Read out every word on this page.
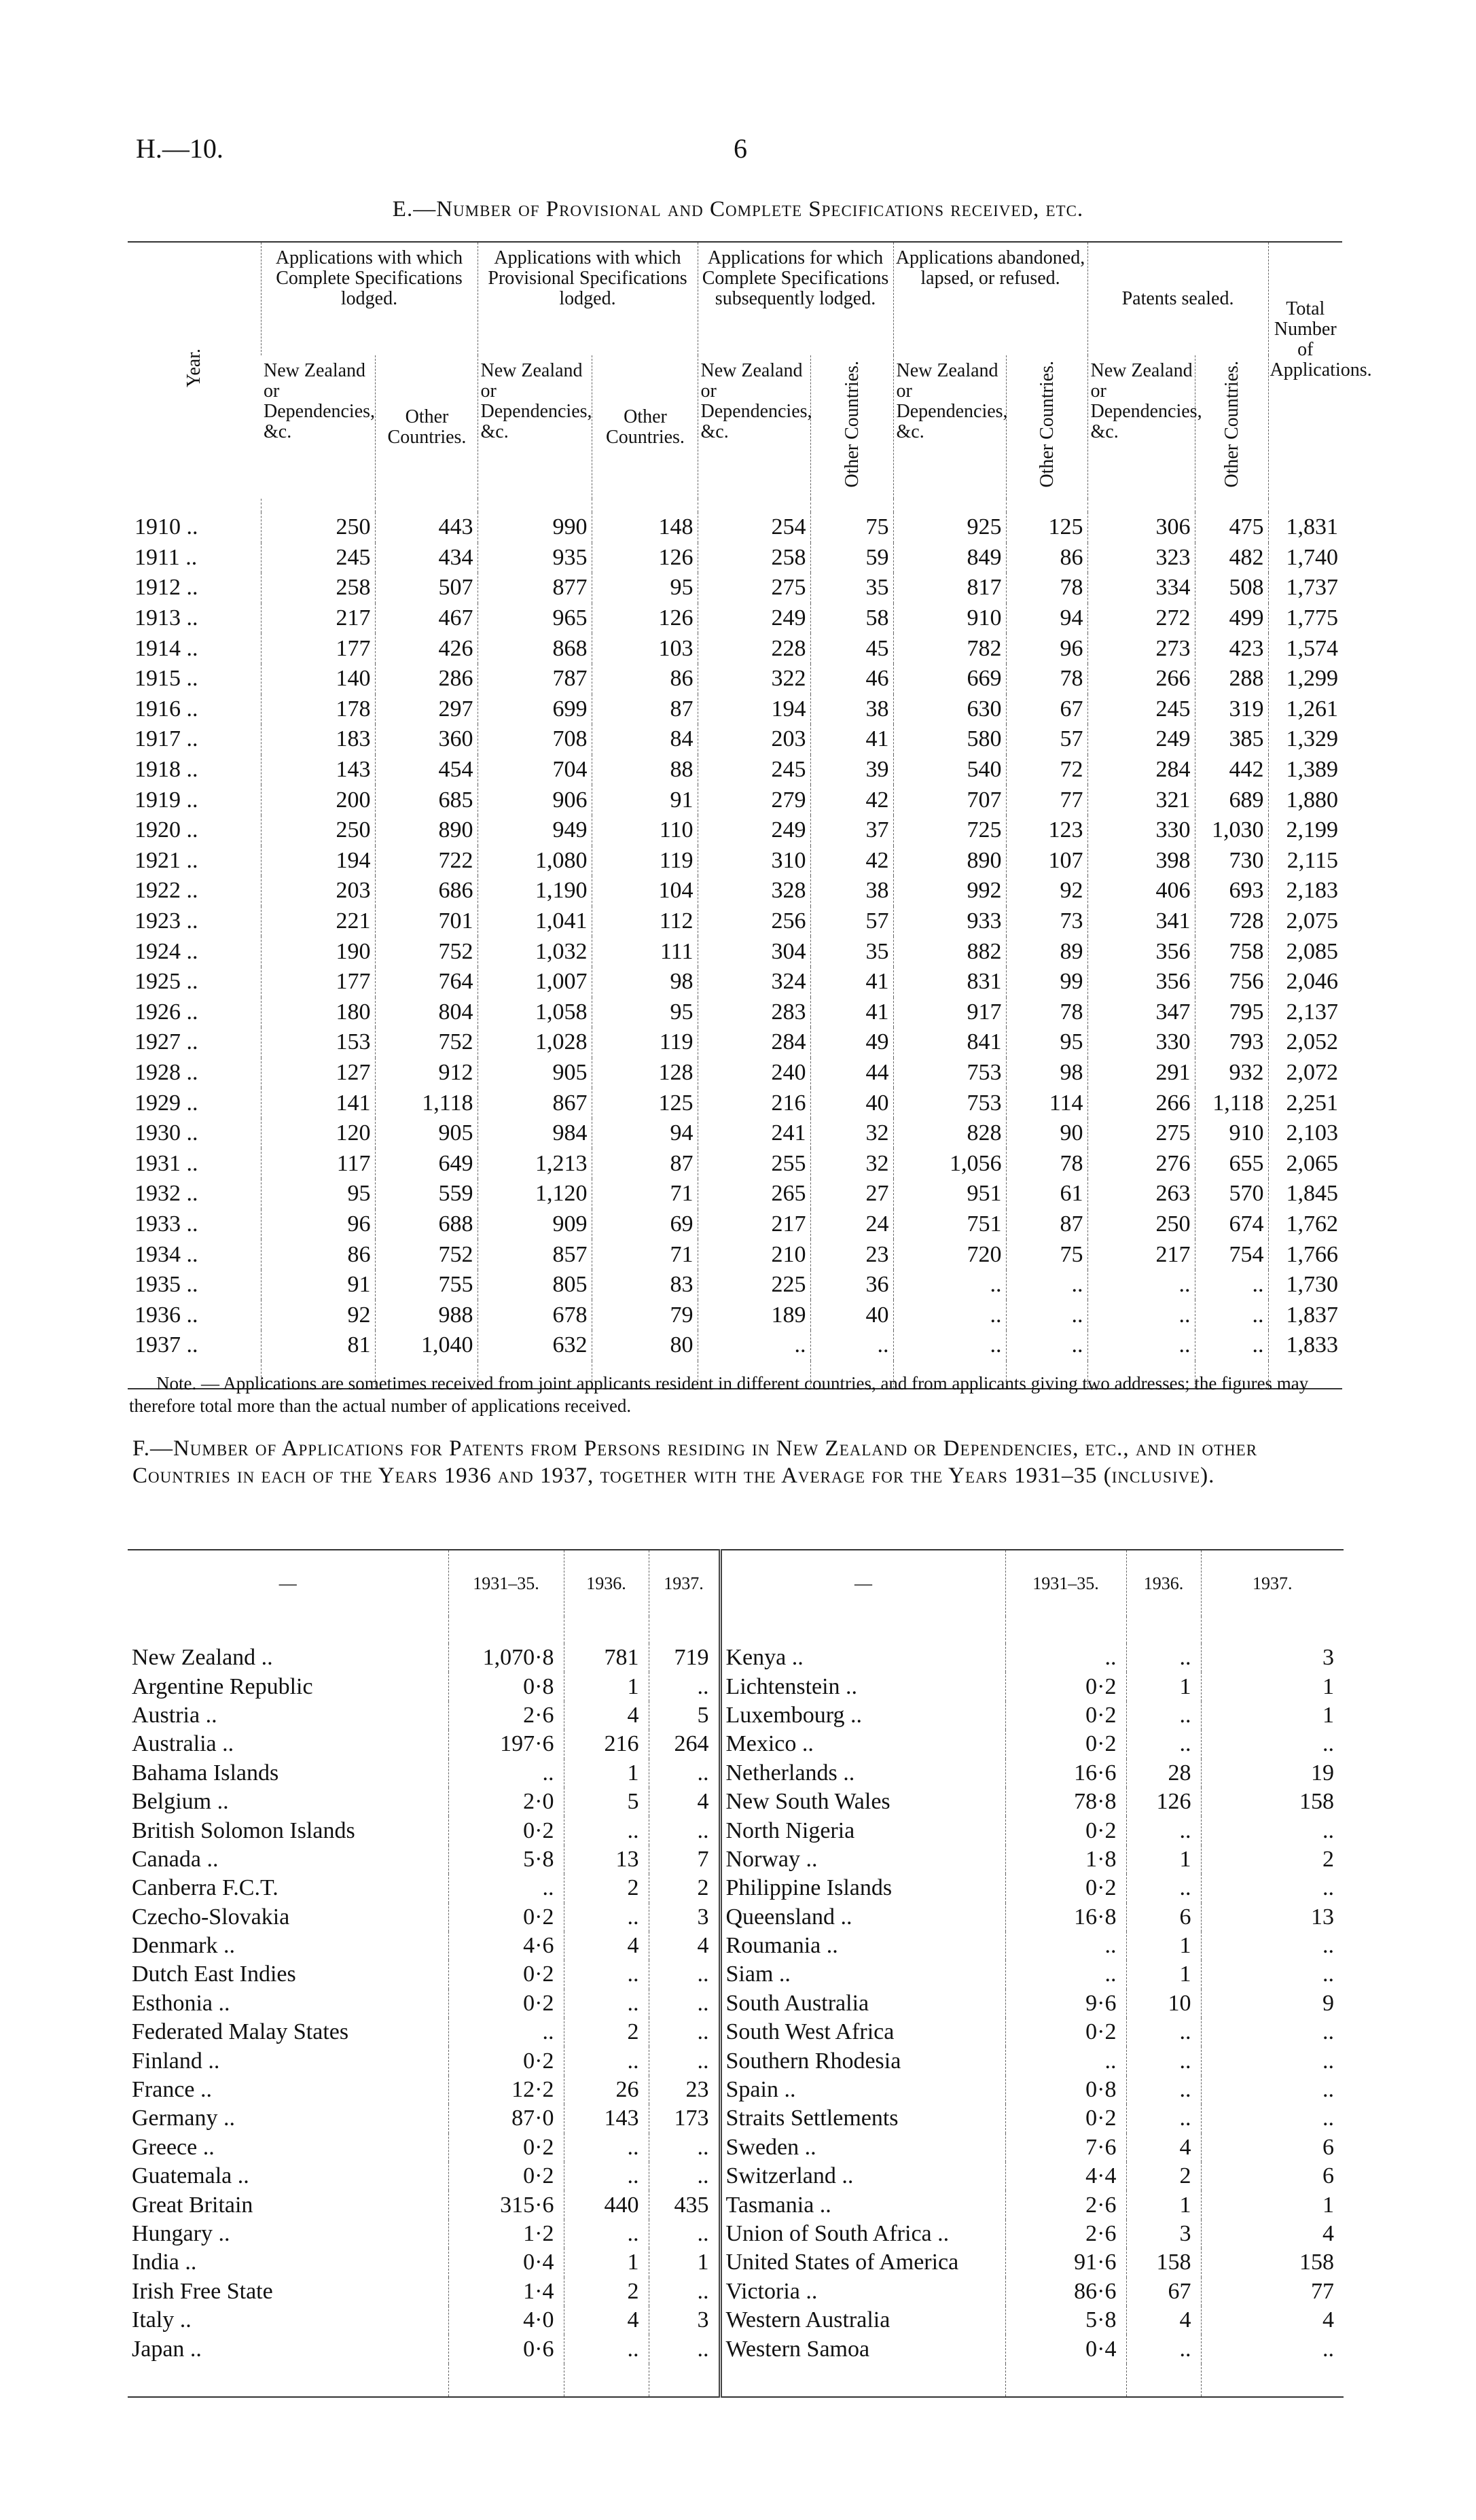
H.—10.	6
E.—Number of Provisional and Complete Specifications received, etc.
Year.	Applications with which Complete Specifications lodged.		Applications with which Provisional Specifications lodged.		Applications for which Complete Specifications subsequently lodged.		Applications abandoned, lapsed, or refused.		Patents sealed.		Total Number of Applications.
	New Zealand or Dependencies, &c.	Other Countries.	New Zealand or Dependencies, &c.	Other Countries.	New Zealand or Dependencies, &c.	Other Countries.	New Zealand or Dependencies, &c.	Other Countries.	New Zealand or Dependencies, &c.	Other Countries.	

1910 ..	250	443	990	148	254	75	925	125	306	475	1,831
1911 ..	245	434	935	126	258	59	849	86	323	482	1,740
1912 ..	258	507	877	95	275	35	817	78	334	508	1,737
1913 ..	217	467	965	126	249	58	910	94	272	499	1,775
1914 ..	177	426	868	103	228	45	782	96	273	423	1,574
1915 ..	140	286	787	86	322	46	669	78	266	288	1,299
1916 ..	178	297	699	87	194	38	630	67	245	319	1,261
1917 ..	183	360	708	84	203	41	580	57	249	385	1,329
1918 ..	143	454	704	88	245	39	540	72	284	442	1,389
1919 ..	200	685	906	91	279	42	707	77	321	689	1,880
1920 ..	250	890	949	110	249	37	725	123	330	1,030	2,199
1921 ..	194	722	1,080	119	310	42	890	107	398	730	2,115
1922 ..	203	686	1,190	104	328	38	992	92	406	693	2,183
1923 ..	221	701	1,041	112	256	57	933	73	341	728	2,075
1924 ..	190	752	1,032	111	304	35	882	89	356	758	2,085
1925 ..	177	764	1,007	98	324	41	831	99	356	756	2,046
1926 ..	180	804	1,058	95	283	41	917	78	347	795	2,137
1927 ..	153	752	1,028	119	284	49	841	95	330	793	2,052
1928 ..	127	912	905	128	240	44	753	98	291	932	2,072
1929 ..	141	1,118	867	125	216	40	753	114	266	1,118	2,251
1930 ..	120	905	984	94	241	32	828	90	275	910	2,103
1931 ..	117	649	1,213	87	255	32	1,056	78	276	655	2,065
1932 ..	95	559	1,120	71	265	27	951	61	263	570	1,845
1933 ..	96	688	909	69	217	24	751	87	250	674	1,762
1934 ..	86	752	857	71	210	23	720	75	217	754	1,766
1935 ..	91	755	805	83	225	36	..	..	..	..	1,730
1936 ..	92	988	678	79	189	40	..	..	..	..	1,837
1937 ..	81	1,040	632	80	..	..	..	..	..	..	1,833

Note. — Applications are sometimes received from joint applicants resident in different countries, and from applicants giving two addresses; the figures may therefore total more than the actual number of applications received.
F.—Number of Applications for Patents from Persons residing in New Zealand or Dependencies, etc., and in other Countries in each of the Years 1936 and 1937, together with the Average for the Years 1931–35 (inclusive).
—	1931–35.	1936.	1937.	—	1931–35.	1936.	1937.

New Zealand ..	1,070·8	781	719	Kenya ..	..	..	3
Argentine Republic	0·8	1	..	Lichtenstein ..	0·2	1	1
Austria ..	2·6	4	5	Luxembourg ..	0·2	..	1
Australia ..	197·6	216	264	Mexico ..	0·2	..	..
Bahama Islands	..	1	..	Netherlands ..	16·6	28	19
Belgium ..	2·0	5	4	New South Wales	78·8	126	158
British Solomon Islands	0·2	..	..	North Nigeria	0·2	..	..
Canada ..	5·8	13	7	Norway ..	1·8	1	2
Canberra F.C.T.	..	2	2	Philippine Islands	0·2	..	..
Czecho-Slovakia	0·2	..	3	Queensland ..	16·8	6	13
Denmark ..	4·6	4	4	Roumania ..	..	1	..
Dutch East Indies	0·2	..	..	Siam ..	..	1	..
Esthonia ..	0·2	..	..	South Australia	9·6	10	9
Federated Malay States	..	2	..	South West Africa	0·2	..	..
Finland ..	0·2	..	..	Southern Rhodesia	..	..	..
France ..	12·2	26	23	Spain ..	0·8	..	..
Germany ..	87·0	143	173	Straits Settlements	0·2	..	..
Greece ..	0·2	..	..	Sweden ..	7·6	4	6
Guatemala ..	0·2	..	..	Switzerland ..	4·4	2	6
Great Britain	315·6	440	435	Tasmania ..	2·6	1	1
Hungary ..	1·2	..	..	Union of South Africa ..	2·6	3	4
India ..	0·4	1	1	United States of America	91·6	158	158
Irish Free State	1·4	2	..	Victoria ..	86·6	67	77
Italy ..	4·0	4	3	Western Australia	5·8	4	4
Japan ..	0·6	..	..	Western Samoa	0·4	..	..
